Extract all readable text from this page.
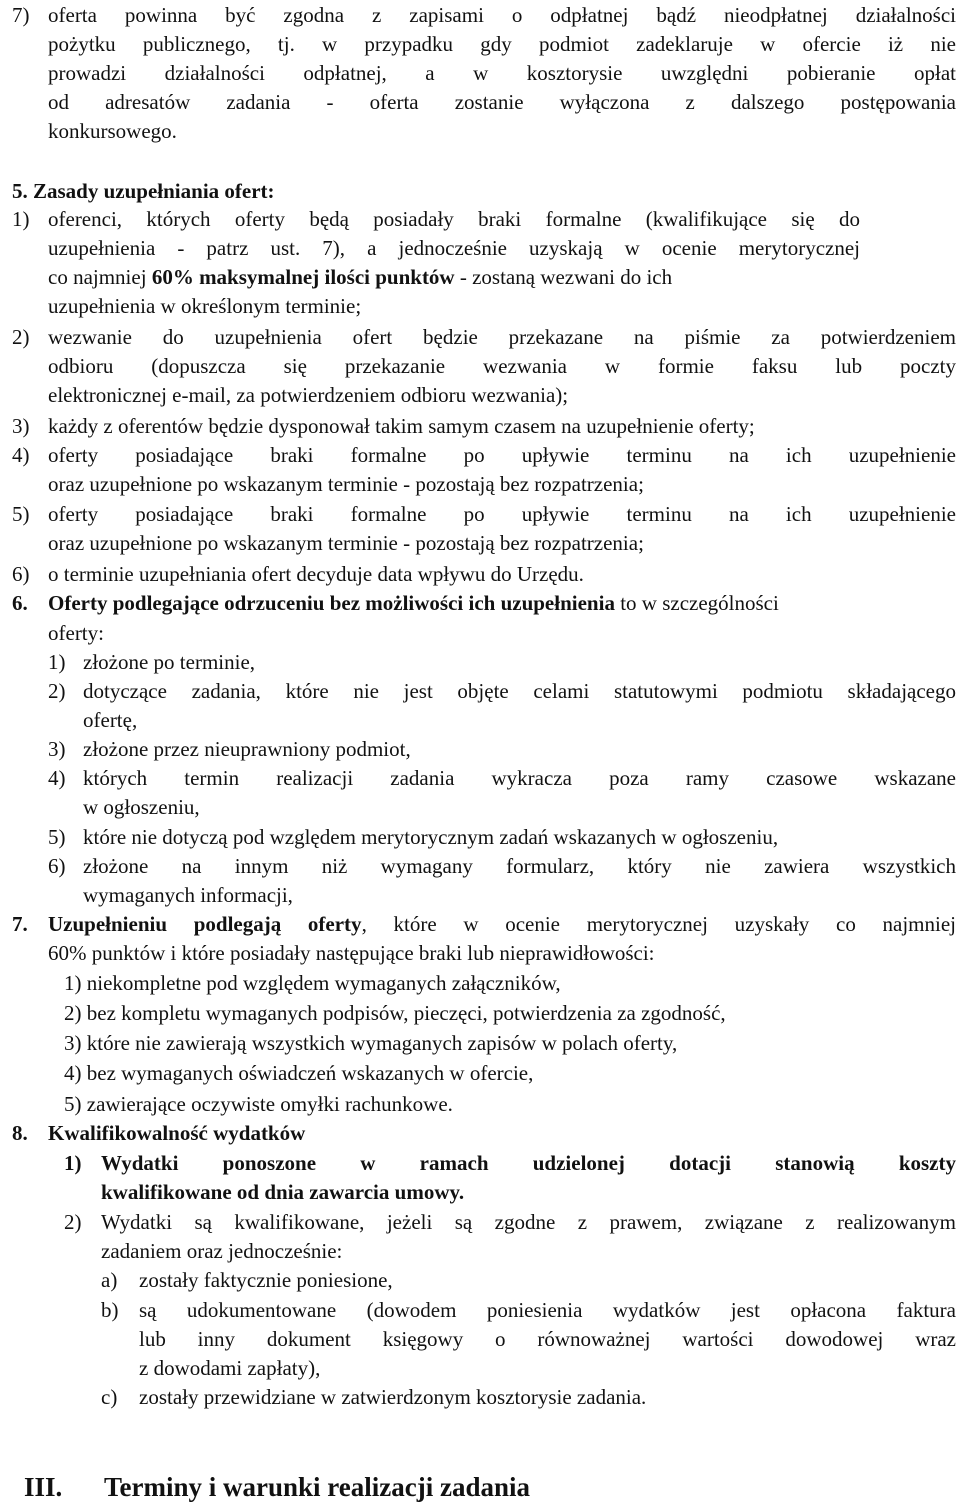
7) oferta powinna być zgodna z zapisami o odpłatnej bądź nieodpłatnej działalności
pożytku publicznego, tj. w przypadku gdy podmiot zadeklaruje w ofercie iż nie
prowadzi działalności odpłatnej, a w kosztorysie uwzględni pobieranie opłat
od adresatów zadania - oferta zostanie wyłączona z dalszego postępowania
konkursowego.
5. Zasady uzupełniania ofert:
1) oferenci, których oferty będą posiadały braki formalne (kwalifikujące się do
uzupełnienia - patrz ust. 7), a jednocześnie uzyskają w ocenie merytorycznej
co najmniej 60% maksymalnej ilości punktów - zostaną wezwani do ich
uzupełnienia w określonym terminie;
2) wezwanie do uzupełnienia ofert będzie przekazane na piśmie za potwierdzeniem
odbioru (dopuszcza się przekazanie wezwania w formie faksu lub poczty
elektronicznej e-mail, za potwierdzeniem odbioru wezwania);
3) każdy z oferentów będzie dysponował takim samym czasem na uzupełnienie oferty;
4) oferty posiadające braki formalne po upływie terminu na ich uzupełnienie
oraz uzupełnione po wskazanym terminie - pozostają bez rozpatrzenia;
5) oferty posiadające braki formalne po upływie terminu na ich uzupełnienie
oraz uzupełnione po wskazanym terminie - pozostają bez rozpatrzenia;
6) o terminie uzupełniania ofert decyduje data wpływu do Urzędu.
6. Oferty podlegające odrzuceniu bez możliwości ich uzupełnienia to w szczególności
oferty:
1) złożone po terminie,
2) dotyczące zadania, które nie jest objęte celami statutowymi podmiotu składającego
ofertę,
3) złożone przez nieuprawniony podmiot,
4) których termin realizacji zadania wykracza poza ramy czasowe wskazane
w ogłoszeniu,
5) które nie dotyczą pod względem merytorycznym zadań wskazanych w ogłoszeniu,
6) złożone na innym niż wymagany formularz, który nie zawiera wszystkich
wymaganych informacji,
7. Uzupełnieniu podlegają oferty, które w ocenie merytorycznej uzyskały co najmniej
60% punktów i które posiadały następujące braki lub nieprawidłowości:
1) niekompletne pod względem wymaganych załączników,
2) bez kompletu wymaganych podpisów, pieczęci, potwierdzenia za zgodność,
3) które nie zawierają wszystkich wymaganych zapisów w polach oferty,
4) bez wymaganych oświadczeń wskazanych w ofercie,
5) zawierające oczywiste omyłki rachunkowe.
8. Kwalifikowalność wydatków
1) Wydatki ponoszone w ramach udzielonej dotacji stanowią koszty
kwalifikowane od dnia zawarcia umowy.
2) Wydatki są kwalifikowane, jeżeli są zgodne z prawem, związane z realizowanym
zadaniem oraz jednocześnie:
a) zostały faktycznie poniesione,
b) są udokumentowane (dowodem poniesienia wydatków jest opłacona faktura
lub inny dokument księgowy o równoważnej wartości dowodowej wraz
z dowodami zapłaty),
c) zostały przewidziane w zatwierdzonym kosztorysie zadania.
III. Terminy i warunki realizacji zadania
